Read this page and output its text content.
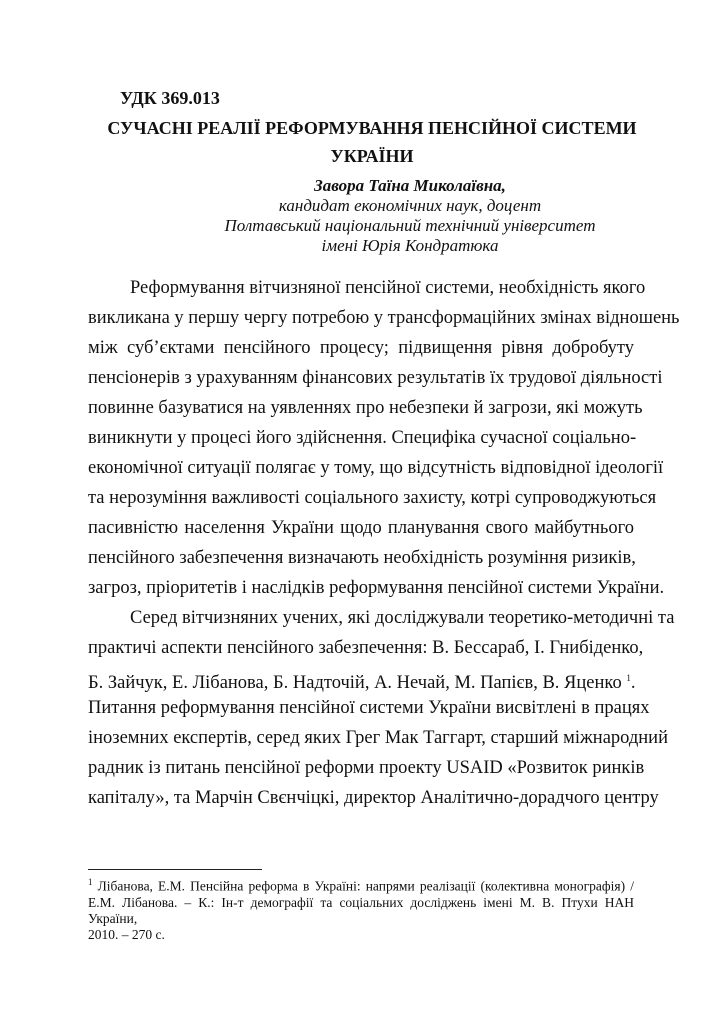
УДК 369.013
СУЧАСНІ РЕАЛІЇ РЕФОРМУВАННЯ ПЕНСІЙНОЇ СИСТЕМИ
УКРАЇНИ
Завора Таїна Миколаївна,
кандидат економічних наук, доцент
Полтавський національний технічний університет
імені Юрія Кондратюка
Реформування вітчизняної пенсійної системи, необхідність якого
викликана у першу чергу потребою у трансформаційних змінах відношень
між суб’єктами пенсійного процесу; підвищення рівня добробуту
пенсіонерів з урахуванням фінансових результатів їх трудової діяльності
повинне базуватися на уявленнях про небезпеки й загрози, які можуть
виникнути у процесі його здійснення. Специфіка сучасної соціально-
економічної ситуації полягає у тому, що відсутність відповідної ідеології
та нерозуміння важливості соціального захисту, котрі супроводжуються
пасивністю населення України щодо планування свого майбутнього
пенсійного забезпечення визначають необхідність розуміння ризиків,
загроз, пріоритетів і наслідків реформування пенсійної системи України.
Серед вітчизняних учених, які досліджували теоретико-методичні та
практичі аспекти пенсійного забезпечення: В. Бессараб, І. Гнибіденко,
Б. Зайчук, Е. Лібанова, Б. Надточій, А. Нечай, М. Папієв, В. Яценко $^1$.
Питання реформування пенсійної системи України висвітлені в працях
іноземних експертів, серед яких Грег Мак Таггарт, старший міжнародний
радник із питань пенсійної реформи проекту USAID «Розвиток ринків
капіталу», та Марчін Свєнчіцкі, директор Аналітично-дорадчого центру
$^1$ Лібанова, Е.М. Пенсійна реформа в Україні: напрями реалізації (колективна монографія) /
Е.М. Лібанова. – К.: Ін-т демографії та соціальних досліджень імені М. В. Птухи НАН України,
2010. – 270 с.
